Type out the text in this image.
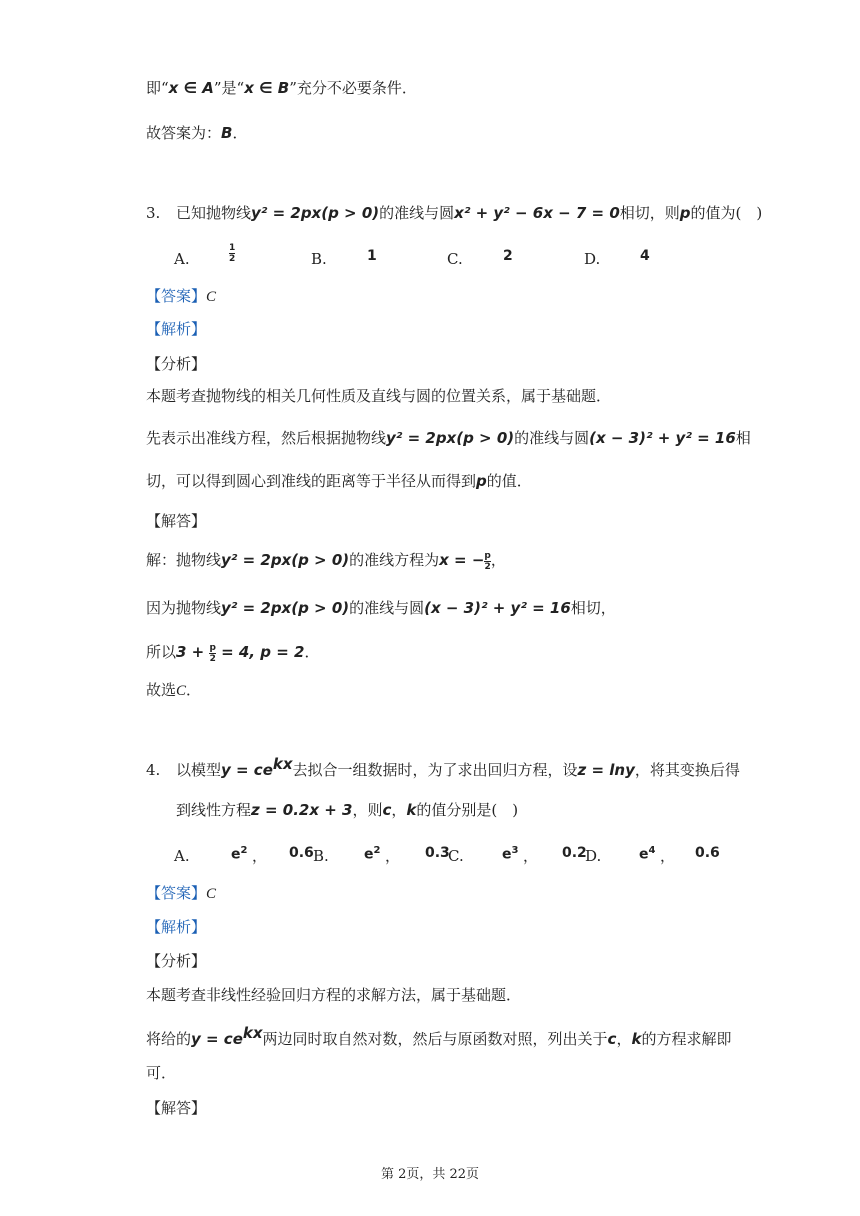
即“x ∈ A”是“x ∈ B”充分不必要条件．
故答案为：B．
3. 已知抛物线y² = 2px(p > 0)的准线与圆x² + y² − 6x − 7 = 0相切，则p的值为(　)
A.	$\frac{1}{2}$	B.	1	C.	2	D.	4
【答案】C
【解析】
【分析】
本题考查抛物线的相关几何性质及直线与圆的位置关系，属于基础题．
先表示出准线方程，然后根据抛物线y² = 2px(p > 0)的准线与圆(x − 3)² + y² = 16相
切，可以得到圆心到准线的距离等于半径从而得到p的值．
【解答】
解：抛物线y² = 2px(p > 0)的准线方程为x = − $\frac{p}{2}$ ，
因为抛物线y² = 2px(p > 0)的准线与圆(x − 3)² + y² = 16相切，
所以$3 + \frac{p}{2} = 4$, p = 2．
故选C．
4. 以模型$y = ce^{kx}$去拟合一组数据时，为了求出回归方程，设z = lny，将其变换后得
到线性方程z = 0.2x + 3，则c，k的值分别是(　)
A.	$e^2$ ， 0.6 B.	$e^2$ ， 0.3
C.	$e^3$ ， 0.2
D.	$e^4$ ， 0.6
【答案】C
【解析】
【分析】
本题考查非线性经验回归方程的求解方法，属于基础题．
将给的$y = ce^{kx}$两边同时取自然对数，然后与原函数对照，列出关于c，k的方程求解即
可．
【解答】
第 2页，共 22页
